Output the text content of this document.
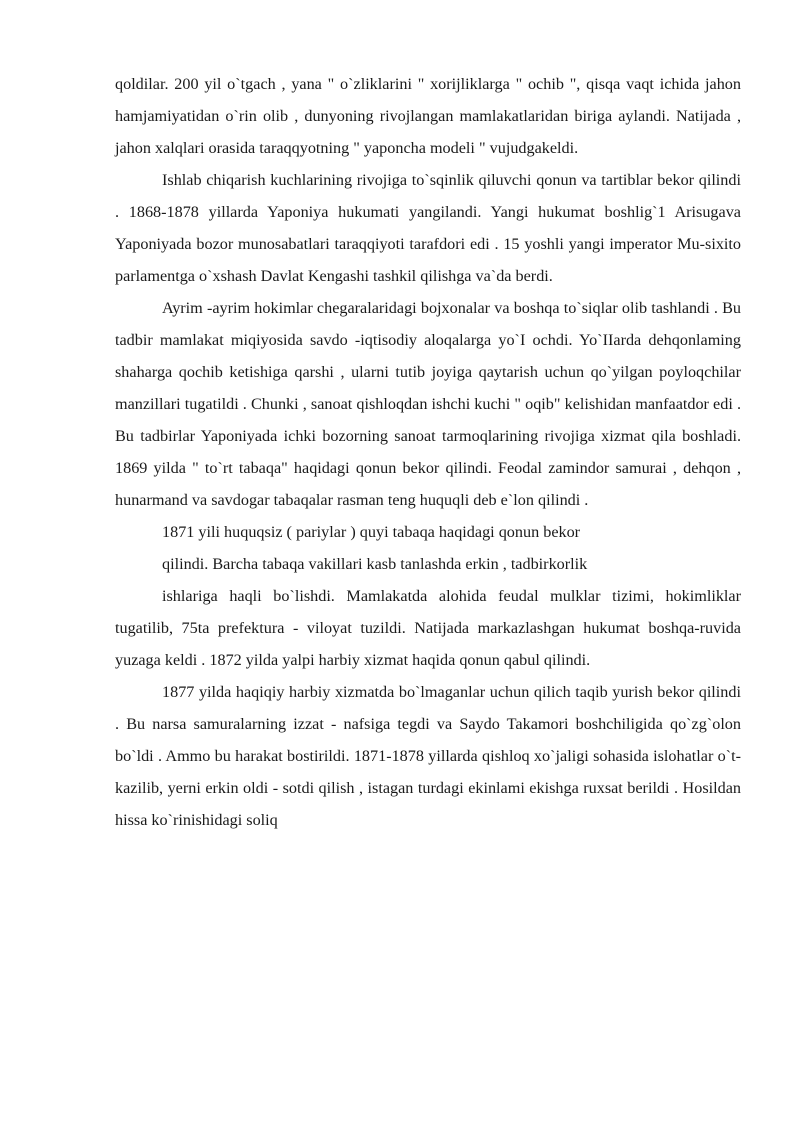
qoldilar. 200 yil o`tgach , yana " o`zliklarini " xorijliklarga " ochib ", qisqa vaqt ichida jahon hamjamiyatidan o`rin olib , dunyoning rivojlangan mamlakatlaridan biriga aylandi. Natijada , jahon xalqlari orasida taraqqyotning " yaponcha modeli " vujudgakeldi.

Ishlab chiqarish kuchlarining rivojiga to`sqinlik qiluvchi qonun va tartiblar bekor qilindi . 1868-1878 yillarda Yaponiya hukumati yangilandi. Yangi hukumat boshlig`1 Arisugava Yaponiyada bozor munosabatlari taraqqiyoti tarafdori edi . 15 yoshli yangi imperator Mu-sixito parlamentga o`xshash Davlat Kengashi tashkil qilishga va`da berdi.

Ayrim -ayrim hokimlar chegaralaridagi bojxonalar va boshqa to`siqlar olib tashlandi . Bu tadbir mamlakat miqiyosida savdo -iqtisodiy aloqalarga yo`I ochdi. Yo`IIarda dehqonlaming shaharga qochib ketishiga qarshi , ularni tutib joyiga qaytarish uchun qo`yilgan poyloqchilar manzillari tugatildi . Chunki , sanoat qishloqdan ishchi kuchi " oqib" kelishidan manfaatdor edi . Bu tadbirlar Yaponiyada ichki bozorning sanoat tarmoqlarining rivojiga xizmat qila boshladi. 1869 yilda " to`rt tabaqa" haqidagi qonun bekor qilindi. Feodal zamindor samurai , dehqon , hunarmand va savdogar tabaqalar rasman teng huquqli deb e`lon qilindi .

1871 yili huquqsiz ( pariylar ) quyi tabaqa haqidagi qonun bekor

qilindi. Barcha tabaqa vakillari kasb tanlashda erkin , tadbirkorlik

ishlariga haqli bo`lishdi. Mamlakatda alohida feudal mulklar tizimi, hokimliklar tugatilib, 75ta prefektura - viloyat tuzildi. Natijada markazlashgan hukumat boshqa-ruvida yuzaga keldi . 1872 yilda yalpi harbiy xizmat haqida qonun qabul qilindi.

1877 yilda haqiqiy harbiy xizmatda bo`lmaganlar uchun qilich taqib yurish bekor qilindi . Bu narsa samuralarning izzat - nafsiga tegdi va Saydo Takamori boshchiligida qo`zg`olon bo`ldi . Ammo bu harakat bostirildi. 1871-1878 yillarda qishloq xo`jaligi sohasida islohatlar o`t-kazilib, yerni erkin oldi - sotdi qilish , istagan turdagi ekinlami ekishga ruxsat berildi . Hosildan hissa ko`rinishidagi soliq
